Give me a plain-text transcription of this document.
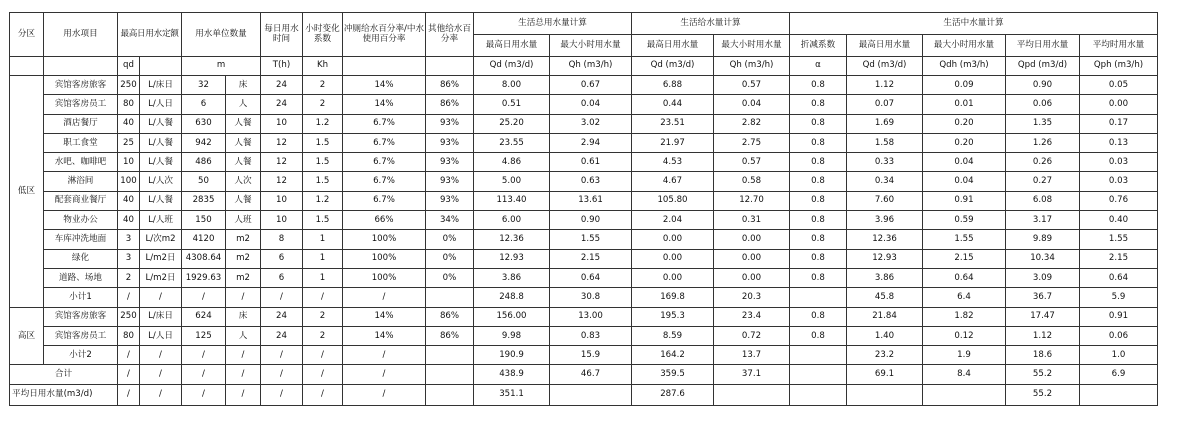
分区	用水项目	最高日用水定额		用水单位数量		每日用水时间	小时变化系数	冲厕给水百分率/中水使用百分率	其他给水百分率	生活总用水量计算		生活给水量计算		生活中水量计算				
										最高日用水量	最大小时用水量	最高日用水量	最大小时用水量	折减系数	最高日用水量	最大小时用水量	平均日用水量	平均时用水量
		qd		m		T(h)	Kh			Qd (m3/d)	Qh (m3/h)	Qd (m3/d)	Qh (m3/h)	α	Qd (m3/d)	Qdh (m3/h)	Qpd (m3/d)	Qph (m3/h)
低区	宾馆客房旅客	250	L/床日	32	床	24	2	14%	86%	8.00	0.67	6.88	0.57	0.8	1.12	0.09	0.90	0.05
	宾馆客房员工	80	L/人日	6	人	24	2	14%	86%	0.51	0.04	0.44	0.04	0.8	0.07	0.01	0.06	0.00
	酒店餐厅	40	L/人餐	630	人餐	10	1.2	6.7%	93%	25.20	3.02	23.51	2.82	0.8	1.69	0.20	1.35	0.17
	职工食堂	25	L/人餐	942	人餐	12	1.5	6.7%	93%	23.55	2.94	21.97	2.75	0.8	1.58	0.20	1.26	0.13
	水吧、咖啡吧	10	L/人餐	486	人餐	12	1.5	6.7%	93%	4.86	0.61	4.53	0.57	0.8	0.33	0.04	0.26	0.03
	淋浴间	100	L/人次	50	人次	12	1.5	6.7%	93%	5.00	0.63	4.67	0.58	0.8	0.34	0.04	0.27	0.03
	配套商业餐厅	40	L/人餐	2835	人餐	10	1.2	6.7%	93%	113.40	13.61	105.80	12.70	0.8	7.60	0.91	6.08	0.76
	物业办公	40	L/人班	150	人班	10	1.5	66%	34%	6.00	0.90	2.04	0.31	0.8	3.96	0.59	3.17	0.40
	车库冲洗地面	3	L/次m2	4120	m2	8	1	100%	0%	12.36	1.55	0.00	0.00	0.8	12.36	1.55	9.89	1.55
	绿化	3	L/m2日	4308.64	m2	6	1	100%	0%	12.93	2.15	0.00	0.00	0.8	12.93	2.15	10.34	2.15
	道路、场地	2	L/m2日	1929.63	m2	6	1	100%	0%	3.86	0.64	0.00	0.00	0.8	3.86	0.64	3.09	0.64
	小计1	/	/	/	/	/	/	/		248.8	30.8	169.8	20.3		45.8	6.4	36.7	5.9
高区	宾馆客房旅客	250	L/床日	624	床	24	2	14%	86%	156.00	13.00	195.3	23.4	0.8	21.84	1.82	17.47	0.91
	宾馆客房员工	80	L/人日	125	人	24	2	14%	86%	9.98	0.83	8.59	0.72	0.8	1.40	0.12	1.12	0.06
	小计2	/	/	/	/	/	/	/		190.9	15.9	164.2	13.7		23.2	1.9	18.6	1.0
合计		/	/	/	/	/	/	/		438.9	46.7	359.5	37.1		69.1	8.4	55.2	6.9
平均日用水量(m3/d)		/	/	/	/	/	/	/		351.1		287.6					55.2	
